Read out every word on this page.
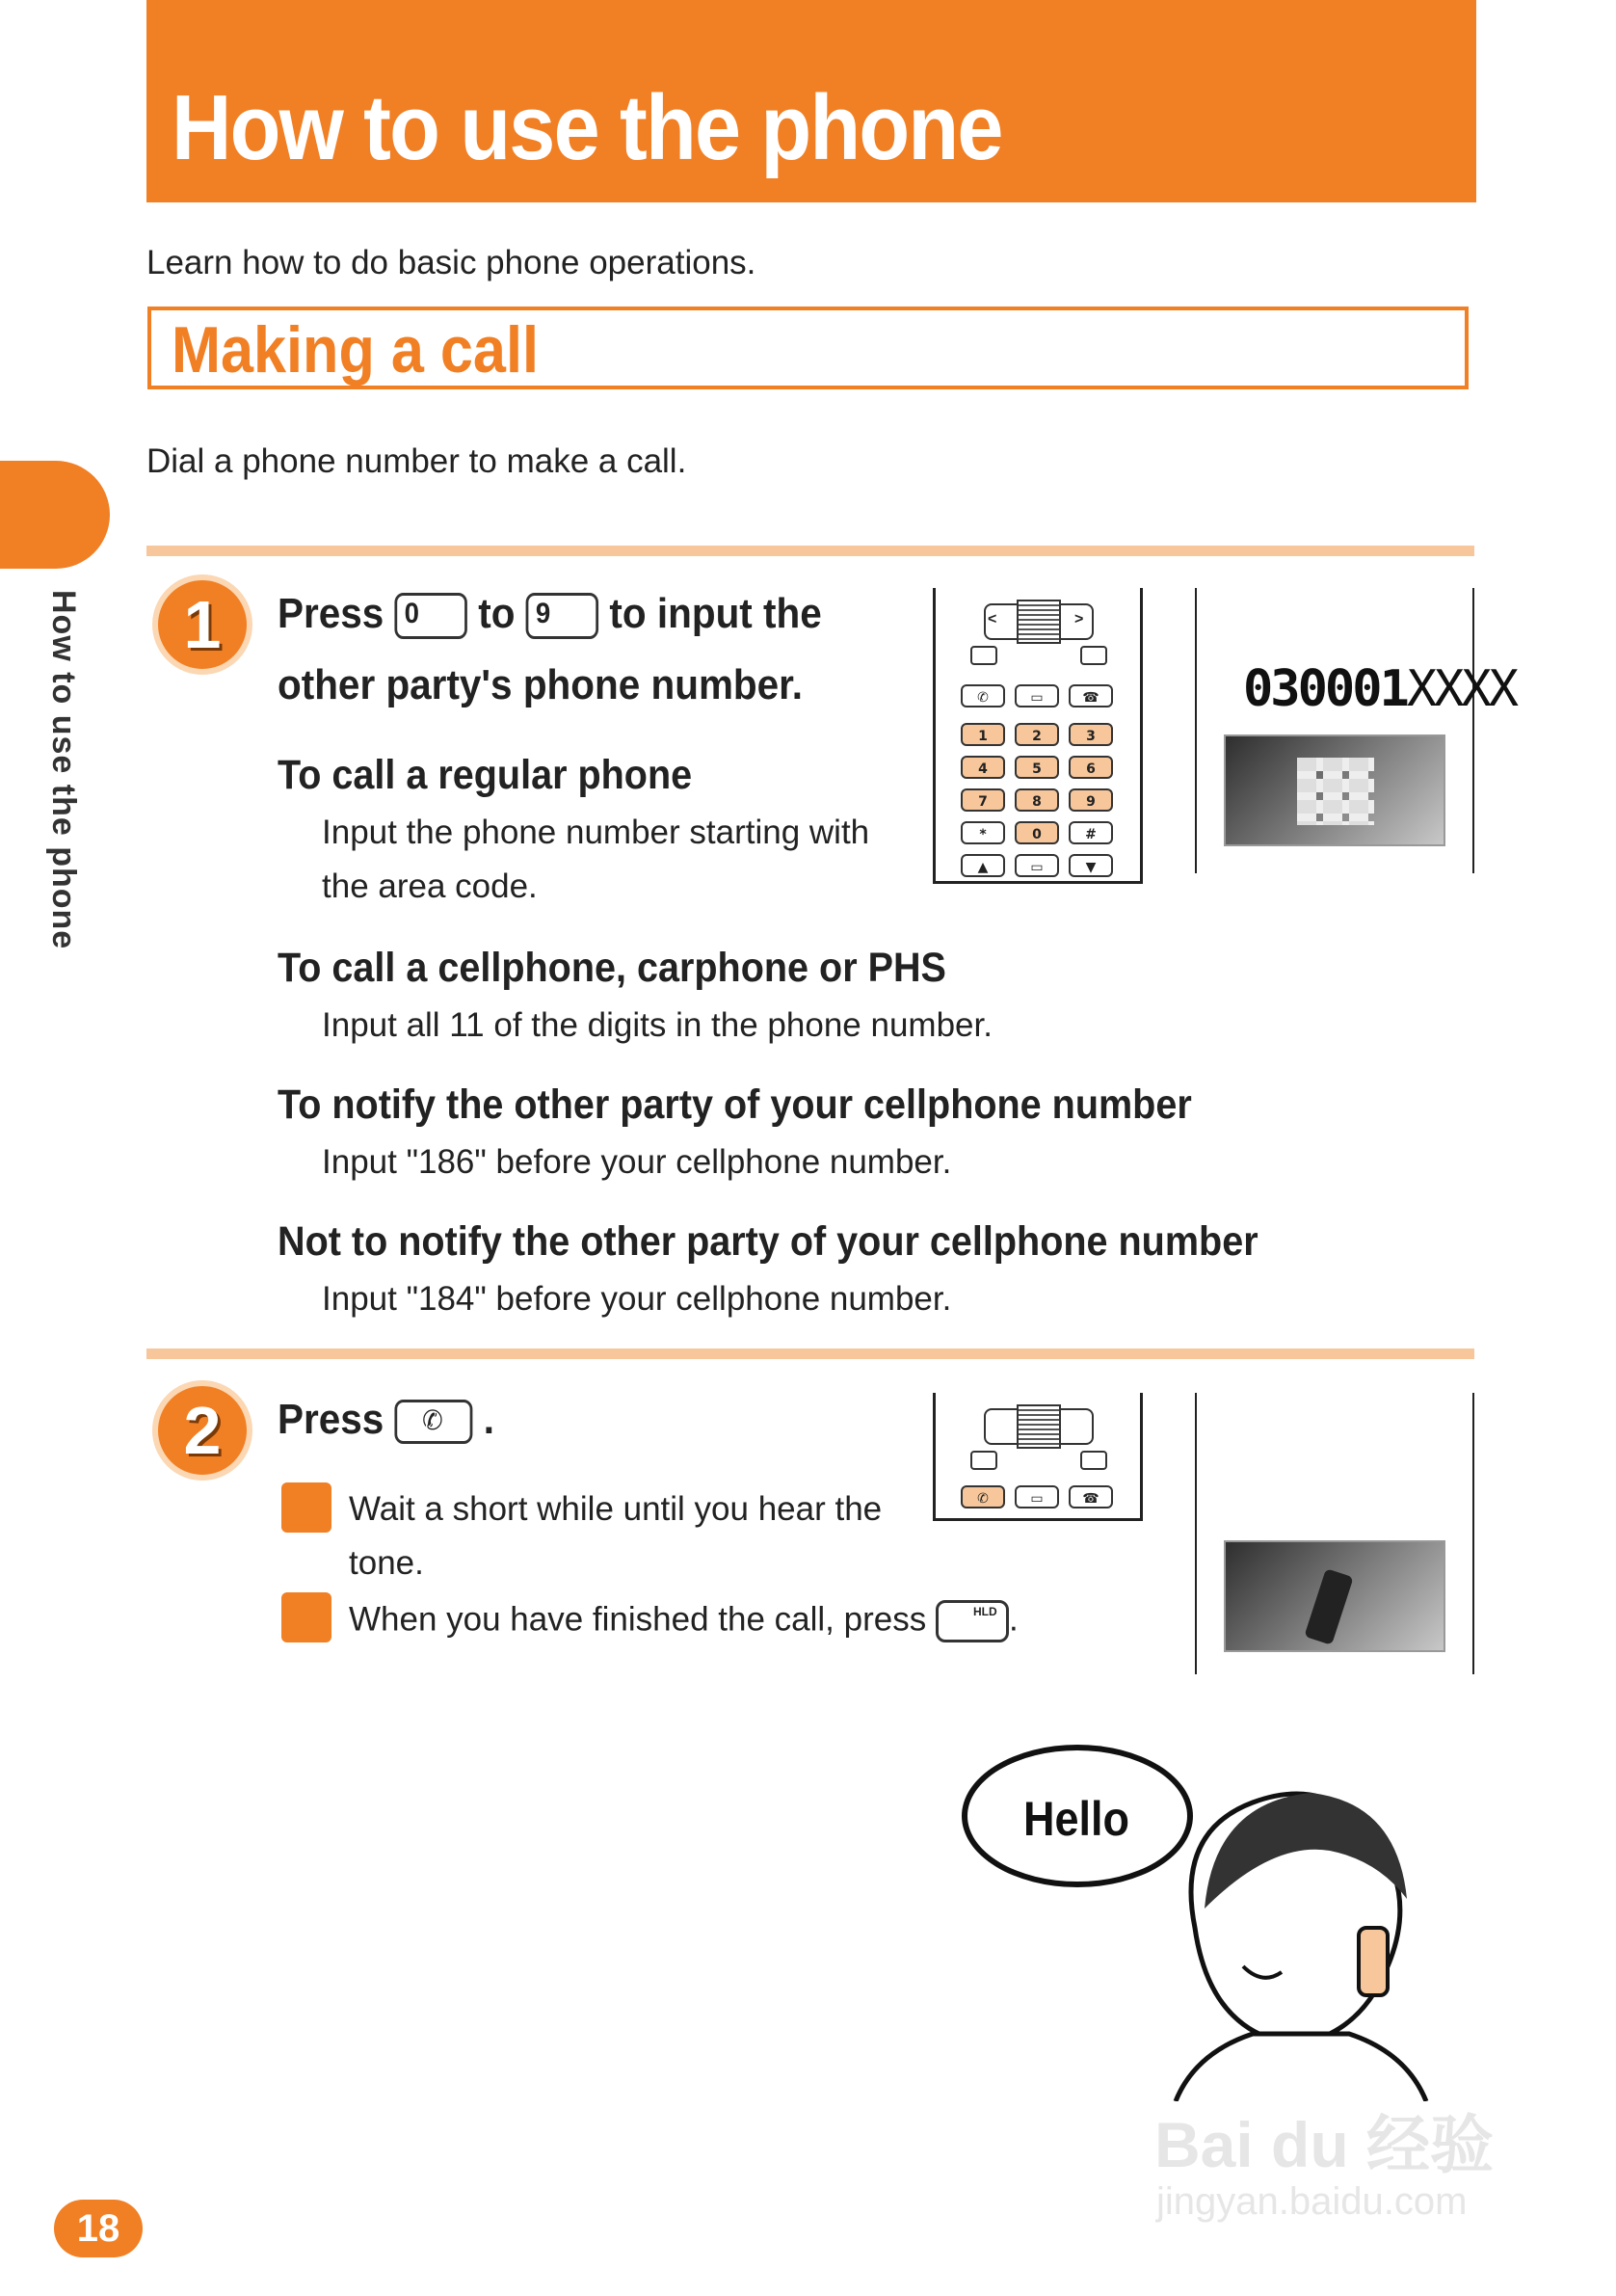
How to use the phone
Learn how to do basic phone operations.
Making a call
Dial a phone number to make a call.
How to use the phone	1	Press 0 to 9 to input the
other party's phone number.
To call a regular phone
Input the phone number starting with
the area code.
To call a cellphone, carphone or PHS
Input all 11 of the digits in the phone number.
To notify the other party of your cellphone number
Input "186" before your cellphone number.
Not to notify the other party of your cellphone number
Input "184" before your cellphone number.
<	>
✆	▭	☎
1	2	3
4	5	6
7	8	9
*	0	#
▲	▭	▼
030001XXXX
2	Press ✆ .
Wait a short while until you hear the
tone.
When you have finished the call, press	HLD .
✆	▭	☎
Hello
Bai du 经验
jingyan.baidu.com
18
